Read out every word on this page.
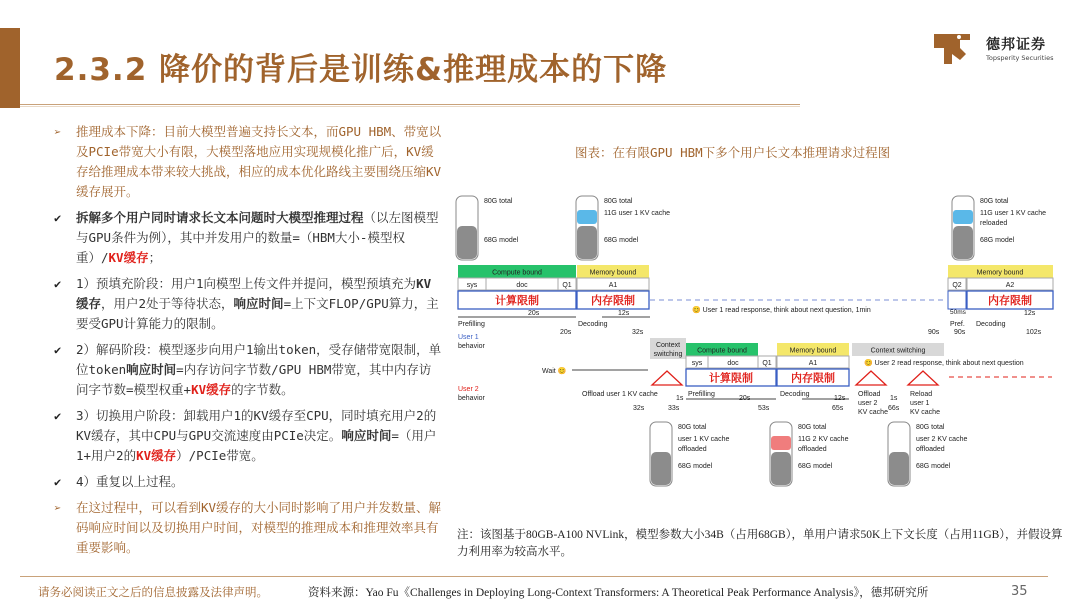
2.3.2 降价的背后是训练&推理成本的下降
德邦证券
Topsperity Securities
➢ 推理成本下降：目前大模型普遍支持长文本，而GPU HBM、带宽以及PCIe带宽大小有限，大模型落地应用实现规模化推广后，KV缓存给推理成本带来较大挑战，相应的成本优化路线主要围绕压缩KV缓存展开。
✔ 拆解多个用户同时请求长文本问题时大模型推理过程（以左图模型与GPU条件为例），其中并发用户的数量=（HBM大小-模型权重）/KV缓存；
✔ 1）预填充阶段：用户1向模型上传文件并提问，模型预填充为KV缓存，用户2处于等待状态，响应时间=上下文FLOP/GPU算力，主要受GPU计算能力的限制。
✔ 2）解码阶段：模型逐步向用户1输出token，受存储带宽限制，单位token响应时间=内存访问字节数/GPU HBM带宽，其中内存访问字节数=模型权重+KV缓存的字节数。
✔ 3）切换用户阶段：卸载用户1的KV缓存至CPU，同时填充用户2的KV缓存，其中CPU与GPU交流速度由PCIe决定。响应时间=（用户1+用户2的KV缓存）/PCIe带宽。
✔ 4）重复以上过程。
➢ 在这过程中，可以看到KV缓存的大小同时影响了用户并发数量、解码响应时间以及切换用户时间，对模型的推理成本和推理效率具有重要影响。
图表：在有限GPU HBM下多个用户长文本推理请求过程图
80G total
68G model
80G total
11G user 1 KV cache
68G model
80G total
11G user 1 KV cache
reloaded
68G model
80G total
user 1 KV cache
offloaded
68G model
80G total
11G 2 KV cache
offloaded
68G model
80G total
user 2 KV cache
offloaded
68G model
Compute bound	Memory bound
sys	doc	Q1	A1
计算限制	内存限制
😊 User 1 read response, think about next question, 1min
Memory bound
Q2	A2
内存限制
20s
Prefilling
20s
12s
Decoding
32s	90s
50ms
Pref.
90s
Decoding
12s
102s
User 1
behavior
User 2
behavior
Wait 😊
Context
switching Compute bound	Memory bound	Context switching
sys	doc	Q1	A1	😊 User 2 read response, think about next question
计算限制	内存限制
Offload user 1 KV cache	Prefilling	Decoding	Offload
user 2
KV cache
Reload
user 1
KV cache
20s	12s
1s	1s
32s	33s	53s	65s	66s
注：该图基于80GB-A100 NVLink，模型参数大小34B（占用68GB），单用户请求50K上下文长度（占用11GB），并假设算力利用率为较高水平。
请务必阅读正文之后的信息披露及法律声明。	资料来源：Yao Fu《Challenges in Deploying Long-Context Transformers: A Theoretical Peak Performance Analysis》，德邦研究所	35
